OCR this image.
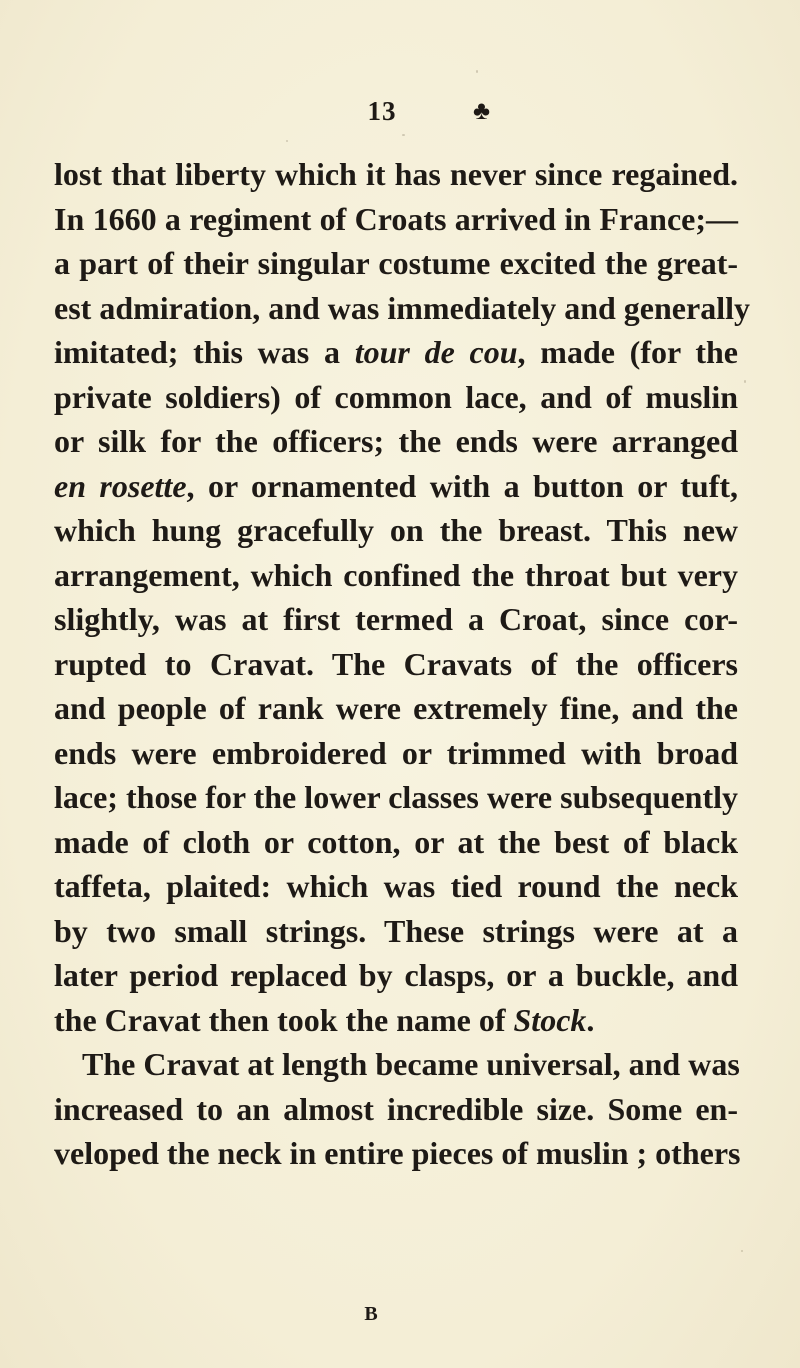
13	♣
lost that liberty which it has never since regained.
In 1660 a regiment of Croats arrived in France;—
a part of their singular costume excited the great-
est admiration, and was immediately and generally
imitated; this was a tour de cou, made (for the
private soldiers) of common lace, and of muslin
or silk for the officers; the ends were arranged
en rosette, or ornamented with a button or tuft,
which hung gracefully on the breast. This new
arrangement, which confined the throat but very
slightly, was at first termed a Croat, since cor-
rupted to Cravat. The Cravats of the officers
and people of rank were extremely fine, and the
ends were embroidered or trimmed with broad
lace; those for the lower classes were subsequently
made of cloth or cotton, or at the best of black
taffeta, plaited: which was tied round the neck
by two small strings. These strings were at a
later period replaced by clasps, or a buckle, and
the Cravat then took the name of Stock.
The Cravat at length became universal, and was
increased to an almost incredible size. Some en-
veloped the neck in entire pieces of muslin ; others
B
